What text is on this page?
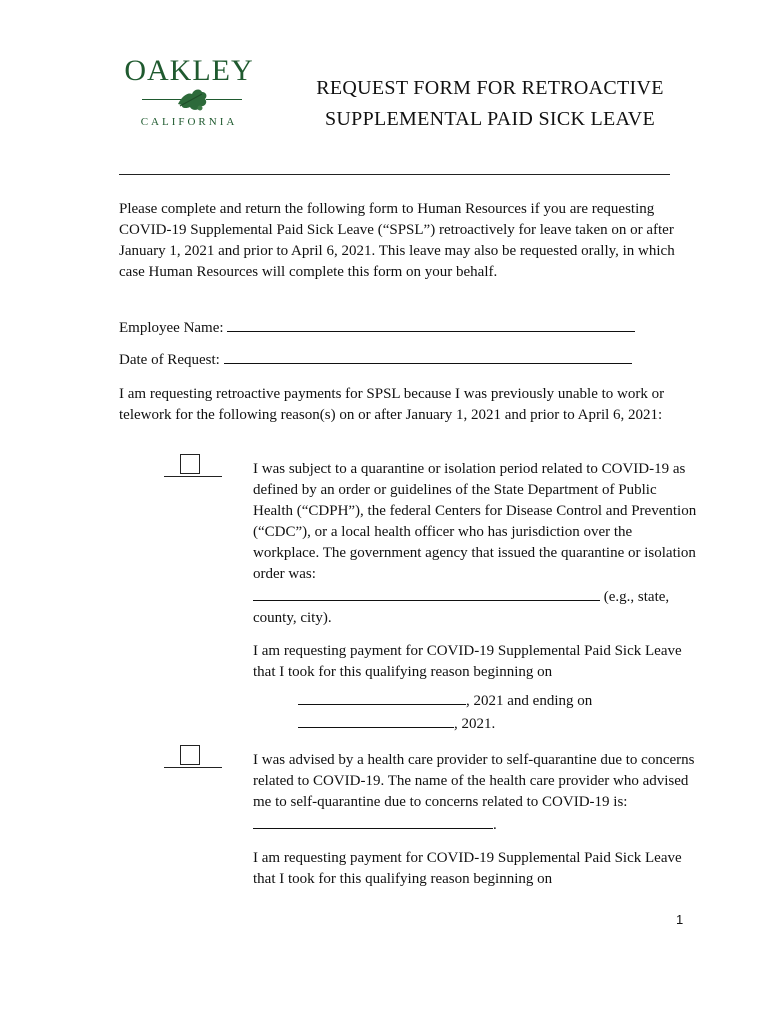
OAKLEY
CALIFORNIA
REQUEST FORM FOR RETROACTIVE
SUPPLEMENTAL PAID SICK LEAVE
Please complete and return the following form to Human Resources if you are requesting COVID-19 Supplemental Paid Sick Leave (“SPSL”) retroactively for leave taken on or after January 1, 2021 and prior to April 6, 2021. This leave may also be requested orally, in which case Human Resources will complete this form on your behalf.
Employee Name:
Date of Request:
I am requesting retroactive payments for SPSL because I was previously unable to work or telework for the following reason(s) on or after January 1, 2021 and prior to April 6, 2021:
I was subject to a quarantine or isolation period related to COVID-19 as defined by an order or guidelines of the State Department of Public Health (“CDPH”), the federal Centers for Disease Control and Prevention (“CDC”), or a local health officer who has jurisdiction over the workplace. The government agency that issued the quarantine or isolation order was:
(e.g., state, county, city).
I am requesting payment for COVID-19 Supplemental Paid Sick Leave that I took for this qualifying reason beginning on
, 2021 and ending on
, 2021.
I was advised by a health care provider to self-quarantine due to concerns related to COVID-19. The name of the health care provider who advised me to self-quarantine due to concerns related to COVID-19 is: .
I am requesting payment for COVID-19 Supplemental Paid Sick Leave that I took for this qualifying reason beginning on
1
